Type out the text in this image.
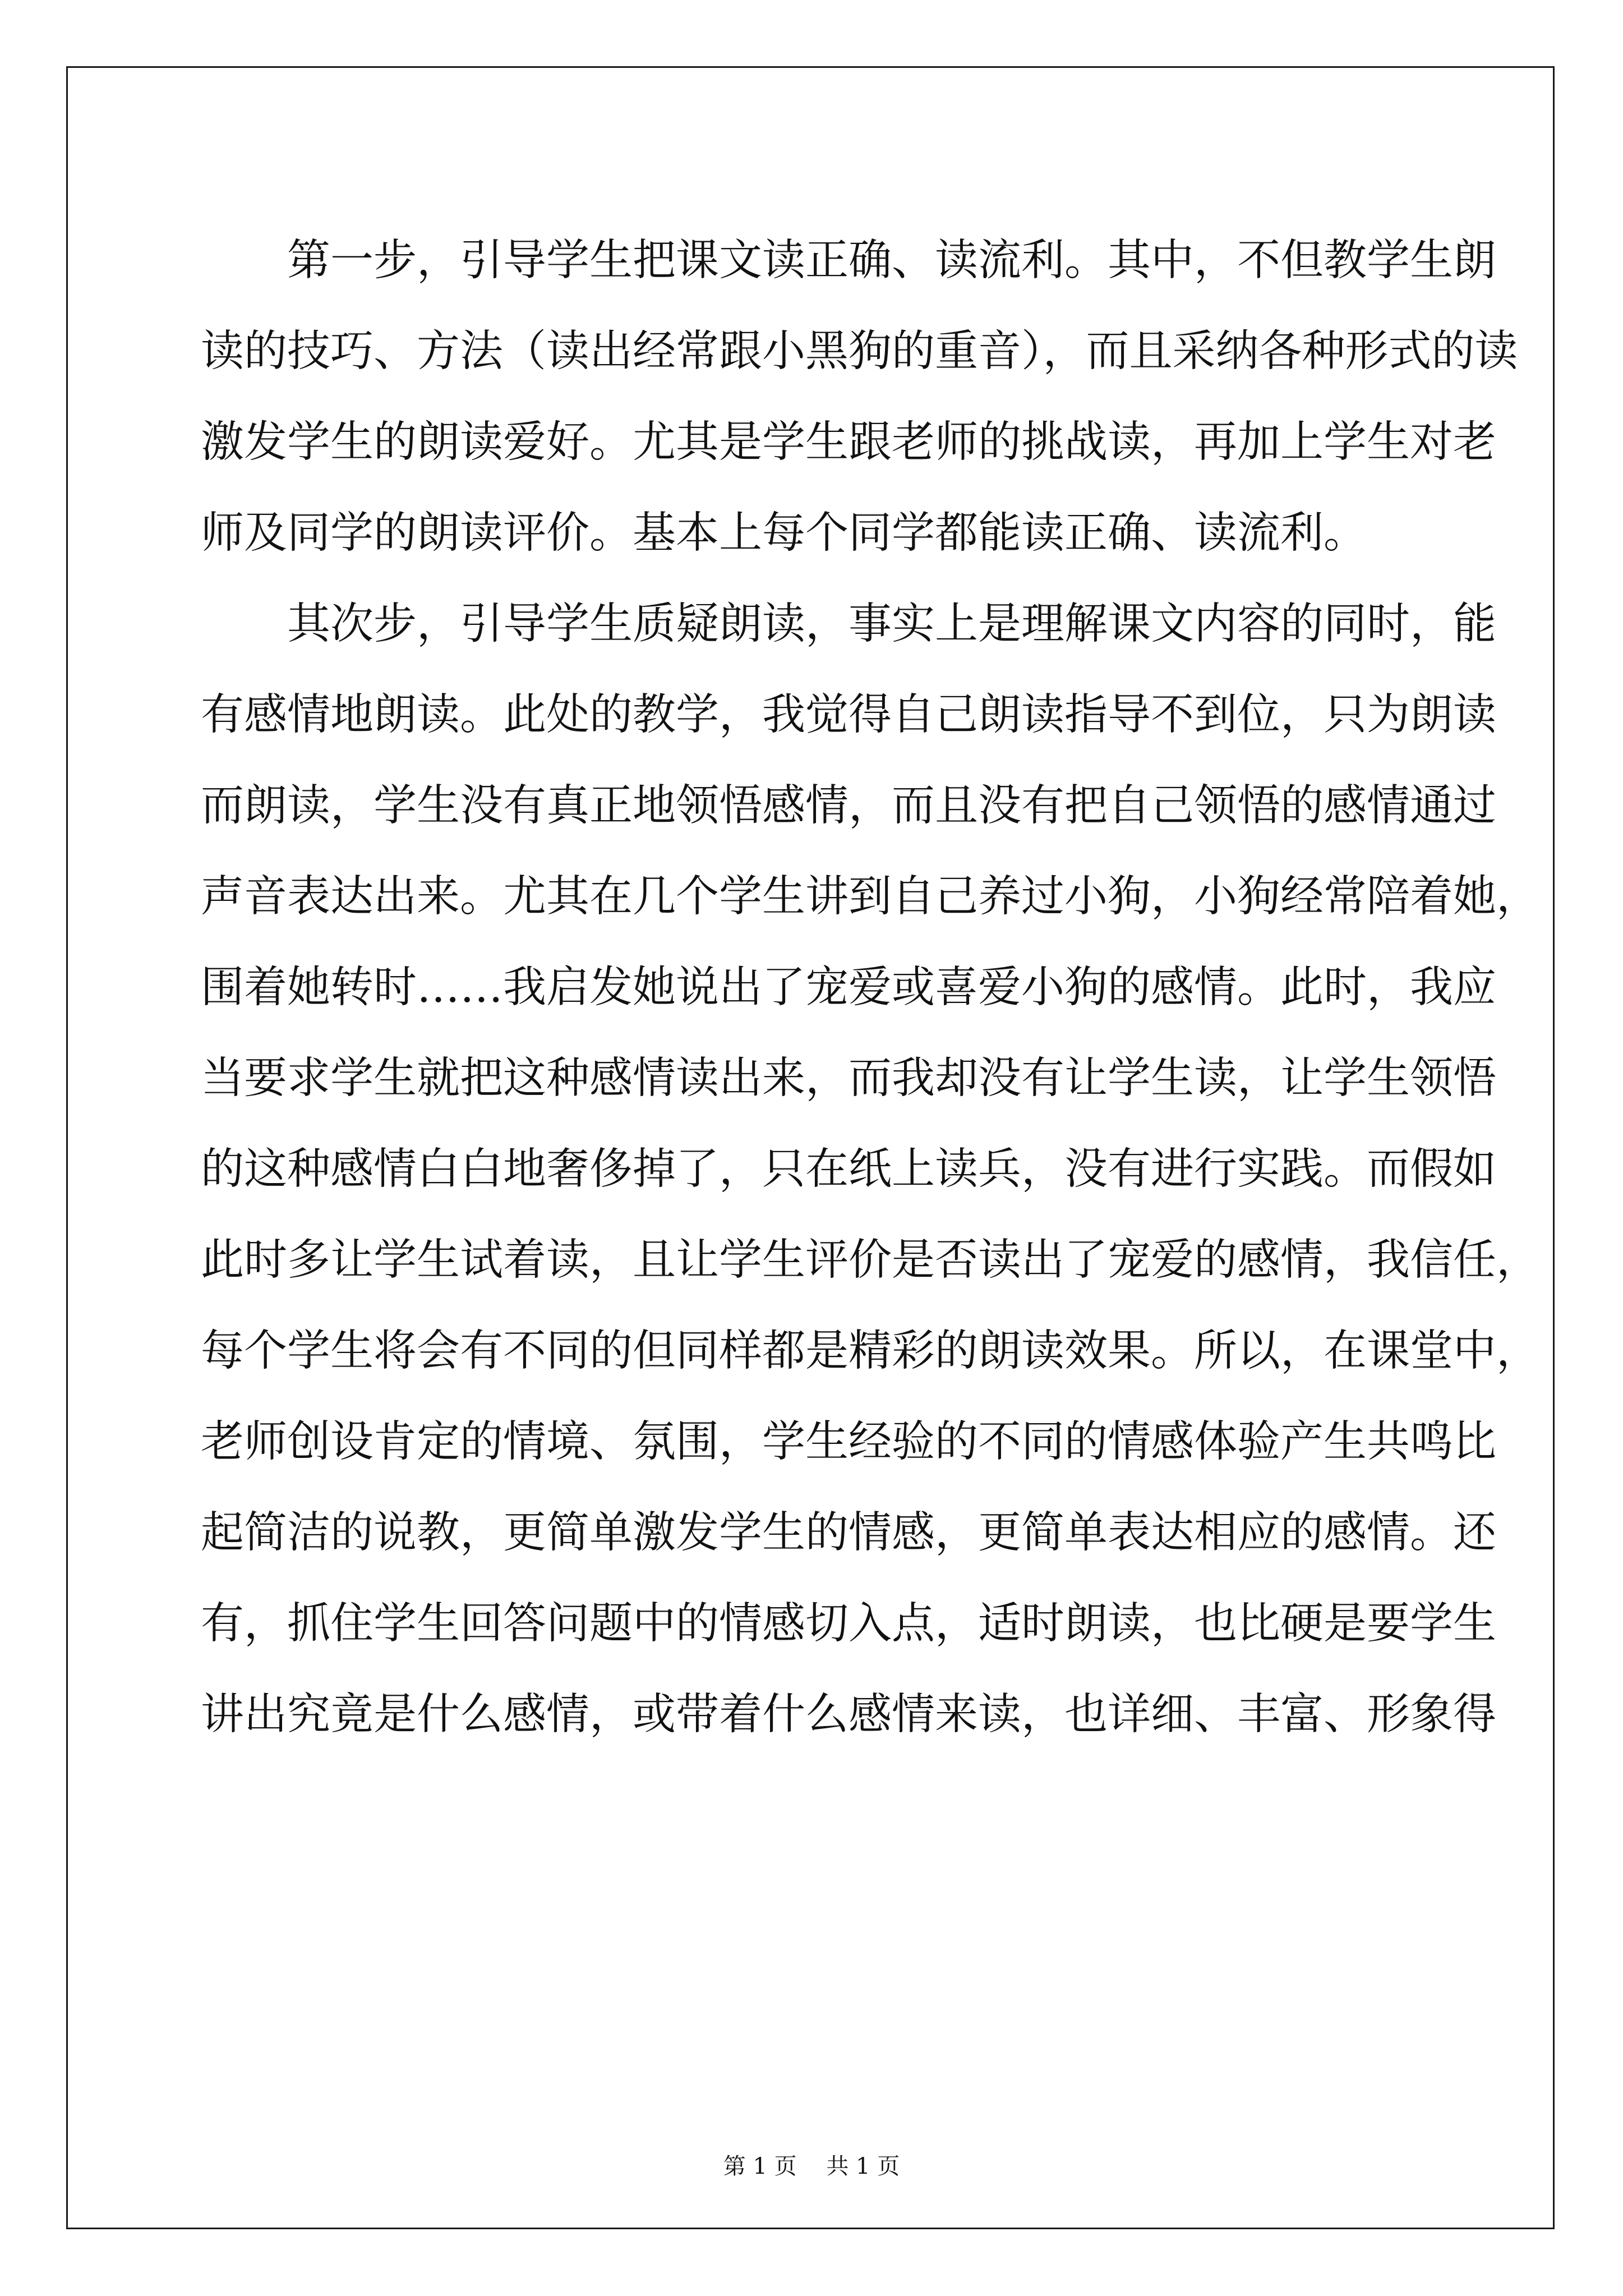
　　第一步，引导学生把课文读正确、读流利。其中，不但教学生朗
读的技巧、方法（读出经常跟小黑狗的重音），而且采纳各种形式的读
激发学生的朗读爱好。尤其是学生跟老师的挑战读，再加上学生对老
师及同学的朗读评价。基本上每个同学都能读正确、读流利。
　　其次步，引导学生质疑朗读，事实上是理解课文内容的同时，能
有感情地朗读。此处的教学，我觉得自己朗读指导不到位，只为朗读
而朗读，学生没有真正地领悟感情，而且没有把自己领悟的感情通过
声音表达出来。尤其在几个学生讲到自己养过小狗，小狗经常陪着她，
围着她转时……我启发她说出了宠爱或喜爱小狗的感情。此时，我应
当要求学生就把这种感情读出来，而我却没有让学生读，让学生领悟
的这种感情白白地奢侈掉了，只在纸上读兵，没有进行实践。而假如
此时多让学生试着读，且让学生评价是否读出了宠爱的感情，我信任，
每个学生将会有不同的但同样都是精彩的朗读效果。所以，在课堂中，
老师创设肯定的情境、氛围，学生经验的不同的情感体验产生共鸣比
起简洁的说教，更简单激发学生的情感，更简单表达相应的感情。还
有，抓住学生回答问题中的情感切入点，适时朗读，也比硬是要学生
讲出究竟是什么感情，或带着什么感情来读，也详细、丰富、形象得
第 1 页　 共 1 页
